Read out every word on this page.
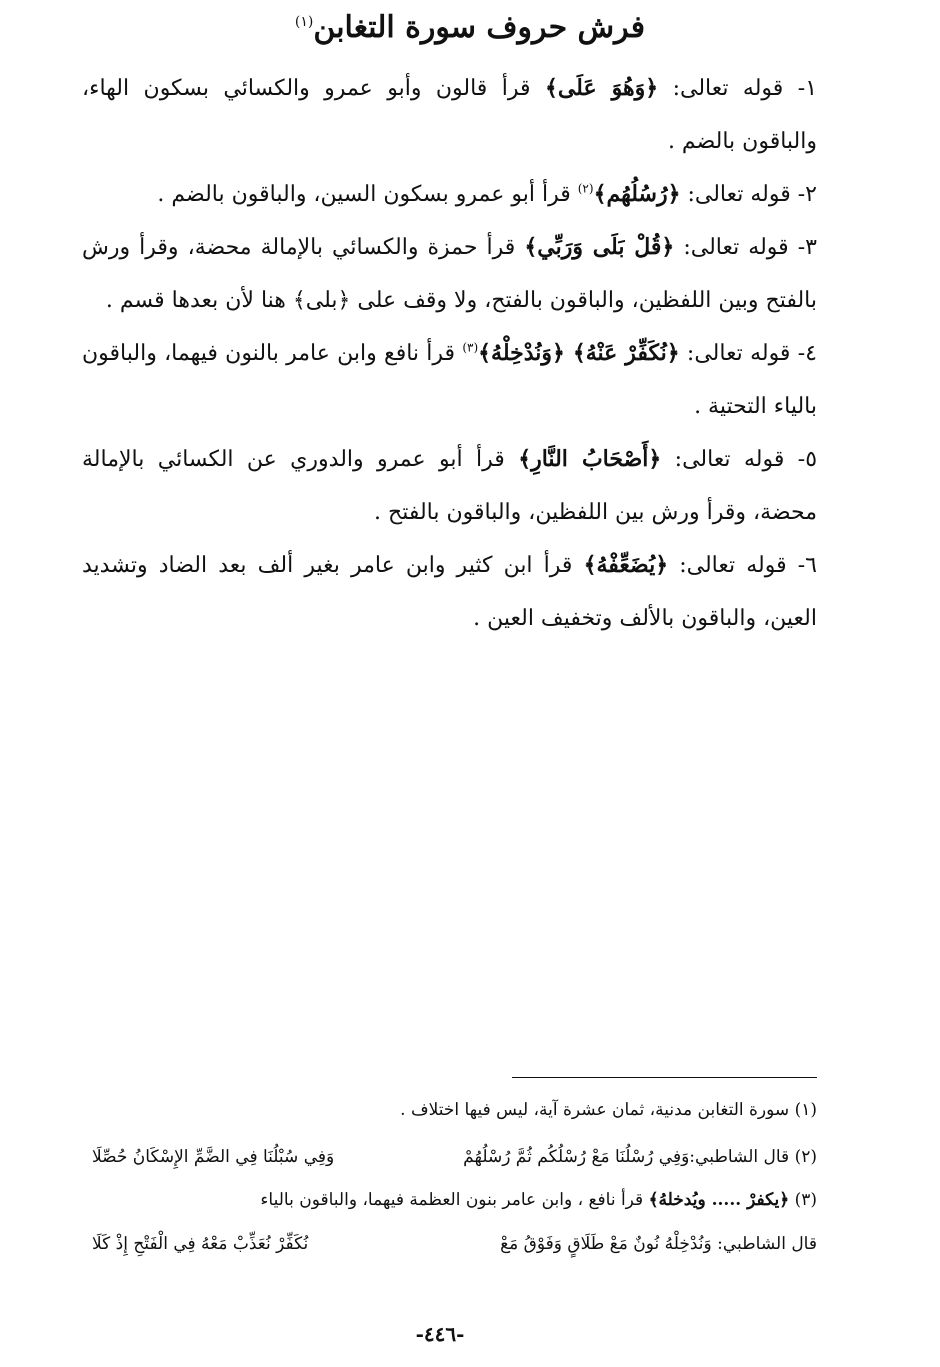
فرش حروف سورة التغابن$^{(١)}$

١- قوله تعالى: ﴿وَهُوَ عَلَى﴾ قرأ قالون وأبو عمرو والكسائي بسكون الهاء، والباقون بالضم .

٢- قوله تعالى: ﴿رُسُلُهُم﴾$^{(٢)}$ قرأ أبو عمرو بسكون السين، والباقون بالضم .

٣- قوله تعالى: ﴿قُلْ بَلَى وَرَبِّي﴾ قرأ حمزة والكسائي بالإمالة محضة، وقرأ ورش بالفتح وبين اللفظين، والباقون بالفتح، ولا وقف على ﴿بلى﴾ هنا لأن بعدها قسم .

٤- قوله تعالى: ﴿نُكَفِّرْ عَنْهُ﴾ ﴿وَنُدْخِلْهُ﴾$^{(٣)}$ قرأ نافع وابن عامر بالنون فيهما، والباقون بالياء التحتية .

٥- قوله تعالى: ﴿أَصْحَابُ النَّارِ﴾ قرأ أبو عمرو والدوري عن الكسائي بالإمالة محضة، وقرأ ورش بين اللفظين، والباقون بالفتح .

٦- قوله تعالى: ﴿يُضَعِّفْهُ﴾ قرأ ابن كثير وابن عامر بغير ألف بعد الضاد وتشديد العين، والباقون بالألف وتخفيف العين .

(١) سورة التغابن مدنية، ثمان عشرة آية، ليس فيها اختلاف .
(٢) قال الشاطبي:وَفِي رُسْلُنَا مَعْ رُسْلُكُم ثُمَّ رُسْلُهُمْ
وَفِي سُبْلُنَا فِي الضَّمِّ الإِسْكَانُ حُصِّلَا
(٣) ﴿يكفرْ ..... ويُدخلهُ﴾ قرأ نافع ، وابن عامر بنون العظمة فيهما، والباقون بالياء
قال الشاطبي: وَنُدْخِلْهُ نُونٌ مَعْ طَلَاقٍ وَفَوْقُ مَعْ
نُكَفِّرْ نُعَذِّبْ مَعْهُ فِي الْفَتْحِ إِذْ كَلَا
-٤٤٦-
